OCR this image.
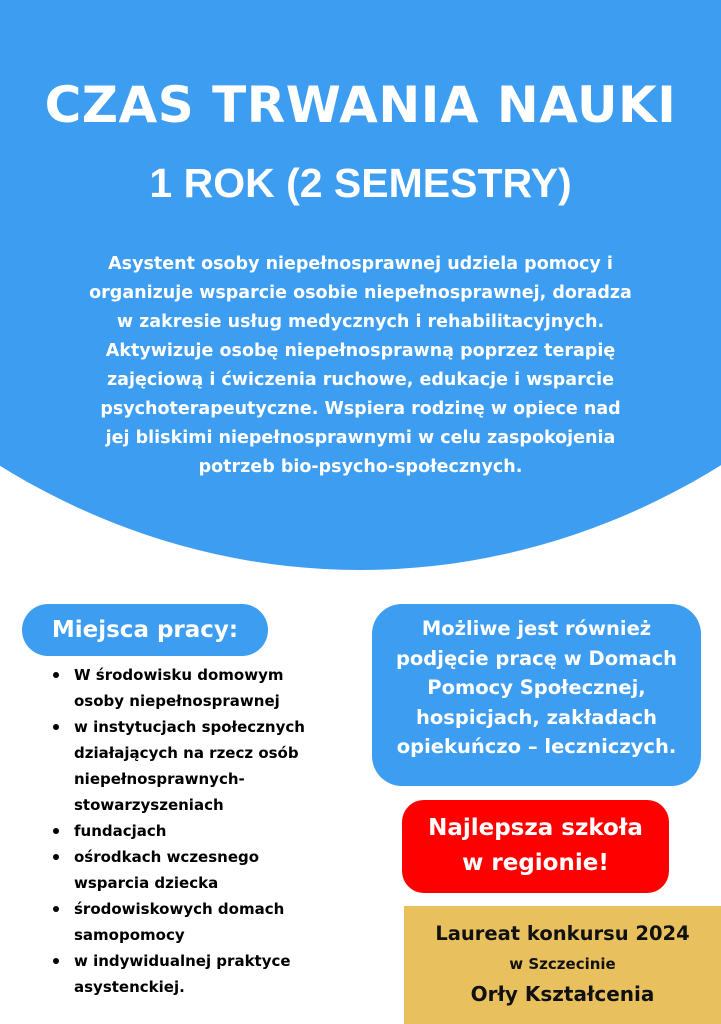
CZAS TRWANIA NAUKI
1 ROK (2 SEMESTRY)
Asystent osoby niepełnosprawnej udziela pomocy i
organizuje wsparcie osobie niepełnosprawnej, doradza
w zakresie usług medycznych i rehabilitacyjnych.
Aktywizuje osobę niepełnosprawną poprzez terapię
zajęciową i ćwiczenia ruchowe, edukacje i wsparcie
psychoterapeutyczne. Wspiera rodzinę w opiece nad
jej bliskimi niepełnosprawnymi w celu zaspokojenia
potrzeb bio-psycho-społecznych.
Miejsca pracy:
W środowisku domowym
osoby niepełnosprawnej
w instytucjach społecznych
działających na rzecz osób
niepełnosprawnych-
stowarzyszeniach
fundacjach
ośrodkach wczesnego
wsparcia dziecka
środowiskowych domach
samopomocy
w indywidualnej praktyce
asystenckiej.
Możliwe jest również
podjęcie pracę w Domach
Pomocy Społecznej,
hospicjach, zakładach
opiekuńczo – leczniczych.
Najlepsza szkoła
w regionie!
Laureat konkursu 2024
w Szczecinie
Orły Kształcenia
